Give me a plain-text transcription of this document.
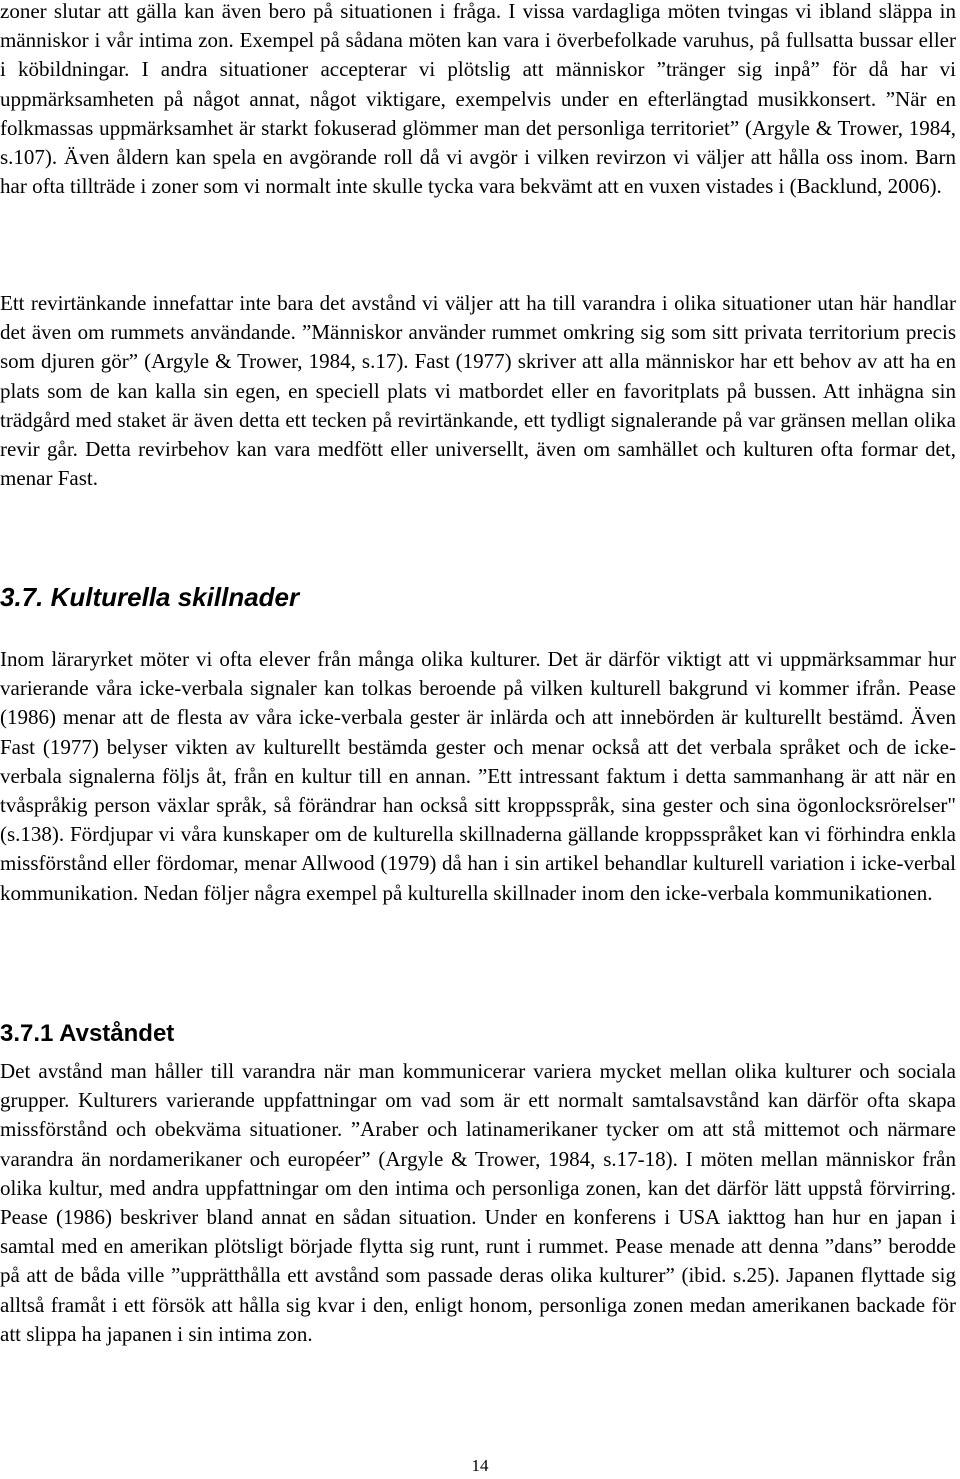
zoner slutar att gälla kan även bero på situationen i fråga. I vissa vardagliga möten tvingas vi ibland släppa in människor i vår intima zon. Exempel på sådana möten kan vara i överbefolkade varuhus, på fullsatta bussar eller i köbildningar. I andra situationer accepterar vi plötslig att människor ”tränger sig inpå” för då har vi uppmärksamheten på något annat, något viktigare, exempelvis under en efterlängtad musikkonsert. ”När en folkmassas uppmärksamhet är starkt fokuserad glömmer man det personliga territoriet” (Argyle & Trower, 1984, s.107). Även åldern kan spela en avgörande roll då vi avgör i vilken revirzon vi väljer att hålla oss inom. Barn har ofta tillträde i zoner som vi normalt inte skulle tycka vara bekvämt att en vuxen vistades i (Backlund, 2006).

Ett revirtänkande innefattar inte bara det avstånd vi väljer att ha till varandra i olika situationer utan här handlar det även om rummets användande. ”Människor använder rummet omkring sig som sitt privata territorium precis som djuren gör” (Argyle & Trower, 1984, s.17). Fast (1977) skriver att alla människor har ett behov av att ha en plats som de kan kalla sin egen, en speciell plats vi matbordet eller en favoritplats på bussen. Att inhägna sin trädgård med staket är även detta ett tecken på revirtänkande, ett tydligt signalerande på var gränsen mellan olika revir går. Detta revirbehov kan vara medfött eller universellt, även om samhället och kulturen ofta formar det, menar Fast.

3.7. Kulturella skillnader

Inom läraryrket möter vi ofta elever från många olika kulturer. Det är därför viktigt att vi uppmärksammar hur varierande våra icke-verbala signaler kan tolkas beroende på vilken kulturell bakgrund vi kommer ifrån. Pease (1986) menar att de flesta av våra icke-verbala gester är inlärda och att innebörden är kulturellt bestämd. Även Fast (1977) belyser vikten av kulturellt bestämda gester och menar också att det verbala språket och de icke-verbala signalerna följs åt, från en kultur till en annan. ”Ett intressant faktum i detta sammanhang är att när en tvåspråkig person växlar språk, så förändrar han också sitt kroppsspråk, sina gester och sina ögonlocksrörelser" (s.138). Fördjupar vi våra kunskaper om de kulturella skillnaderna gällande kroppsspråket kan vi förhindra enkla missförstånd eller fördomar, menar Allwood (1979) då han i sin artikel behandlar kulturell variation i icke-verbal kommunikation. Nedan följer några exempel på kulturella skillnader inom den icke-verbala kommunikationen.

3.7.1 Avståndet

Det avstånd man håller till varandra när man kommunicerar variera mycket mellan olika kulturer och sociala grupper. Kulturers varierande uppfattningar om vad som är ett normalt samtalsavstånd kan därför ofta skapa missförstånd och obekväma situationer. ”Araber och latinamerikaner tycker om att stå mittemot och närmare varandra än nordamerikaner och européer” (Argyle & Trower, 1984, s.17-18). I möten mellan människor från olika kultur, med andra uppfattningar om den intima och personliga zonen, kan det därför lätt uppstå förvirring. Pease (1986) beskriver bland annat en sådan situation. Under en konferens i USA iakttog han hur en japan i samtal med en amerikan plötsligt började flytta sig runt, runt i rummet. Pease menade att denna ”dans” berodde på att de båda ville ”upprätthålla ett avstånd som passade deras olika kulturer” (ibid. s.25). Japanen flyttade sig alltså framåt i ett försök att hålla sig kvar i den, enligt honom, personliga zonen medan amerikanen backade för att slippa ha japanen i sin intima zon.

14
